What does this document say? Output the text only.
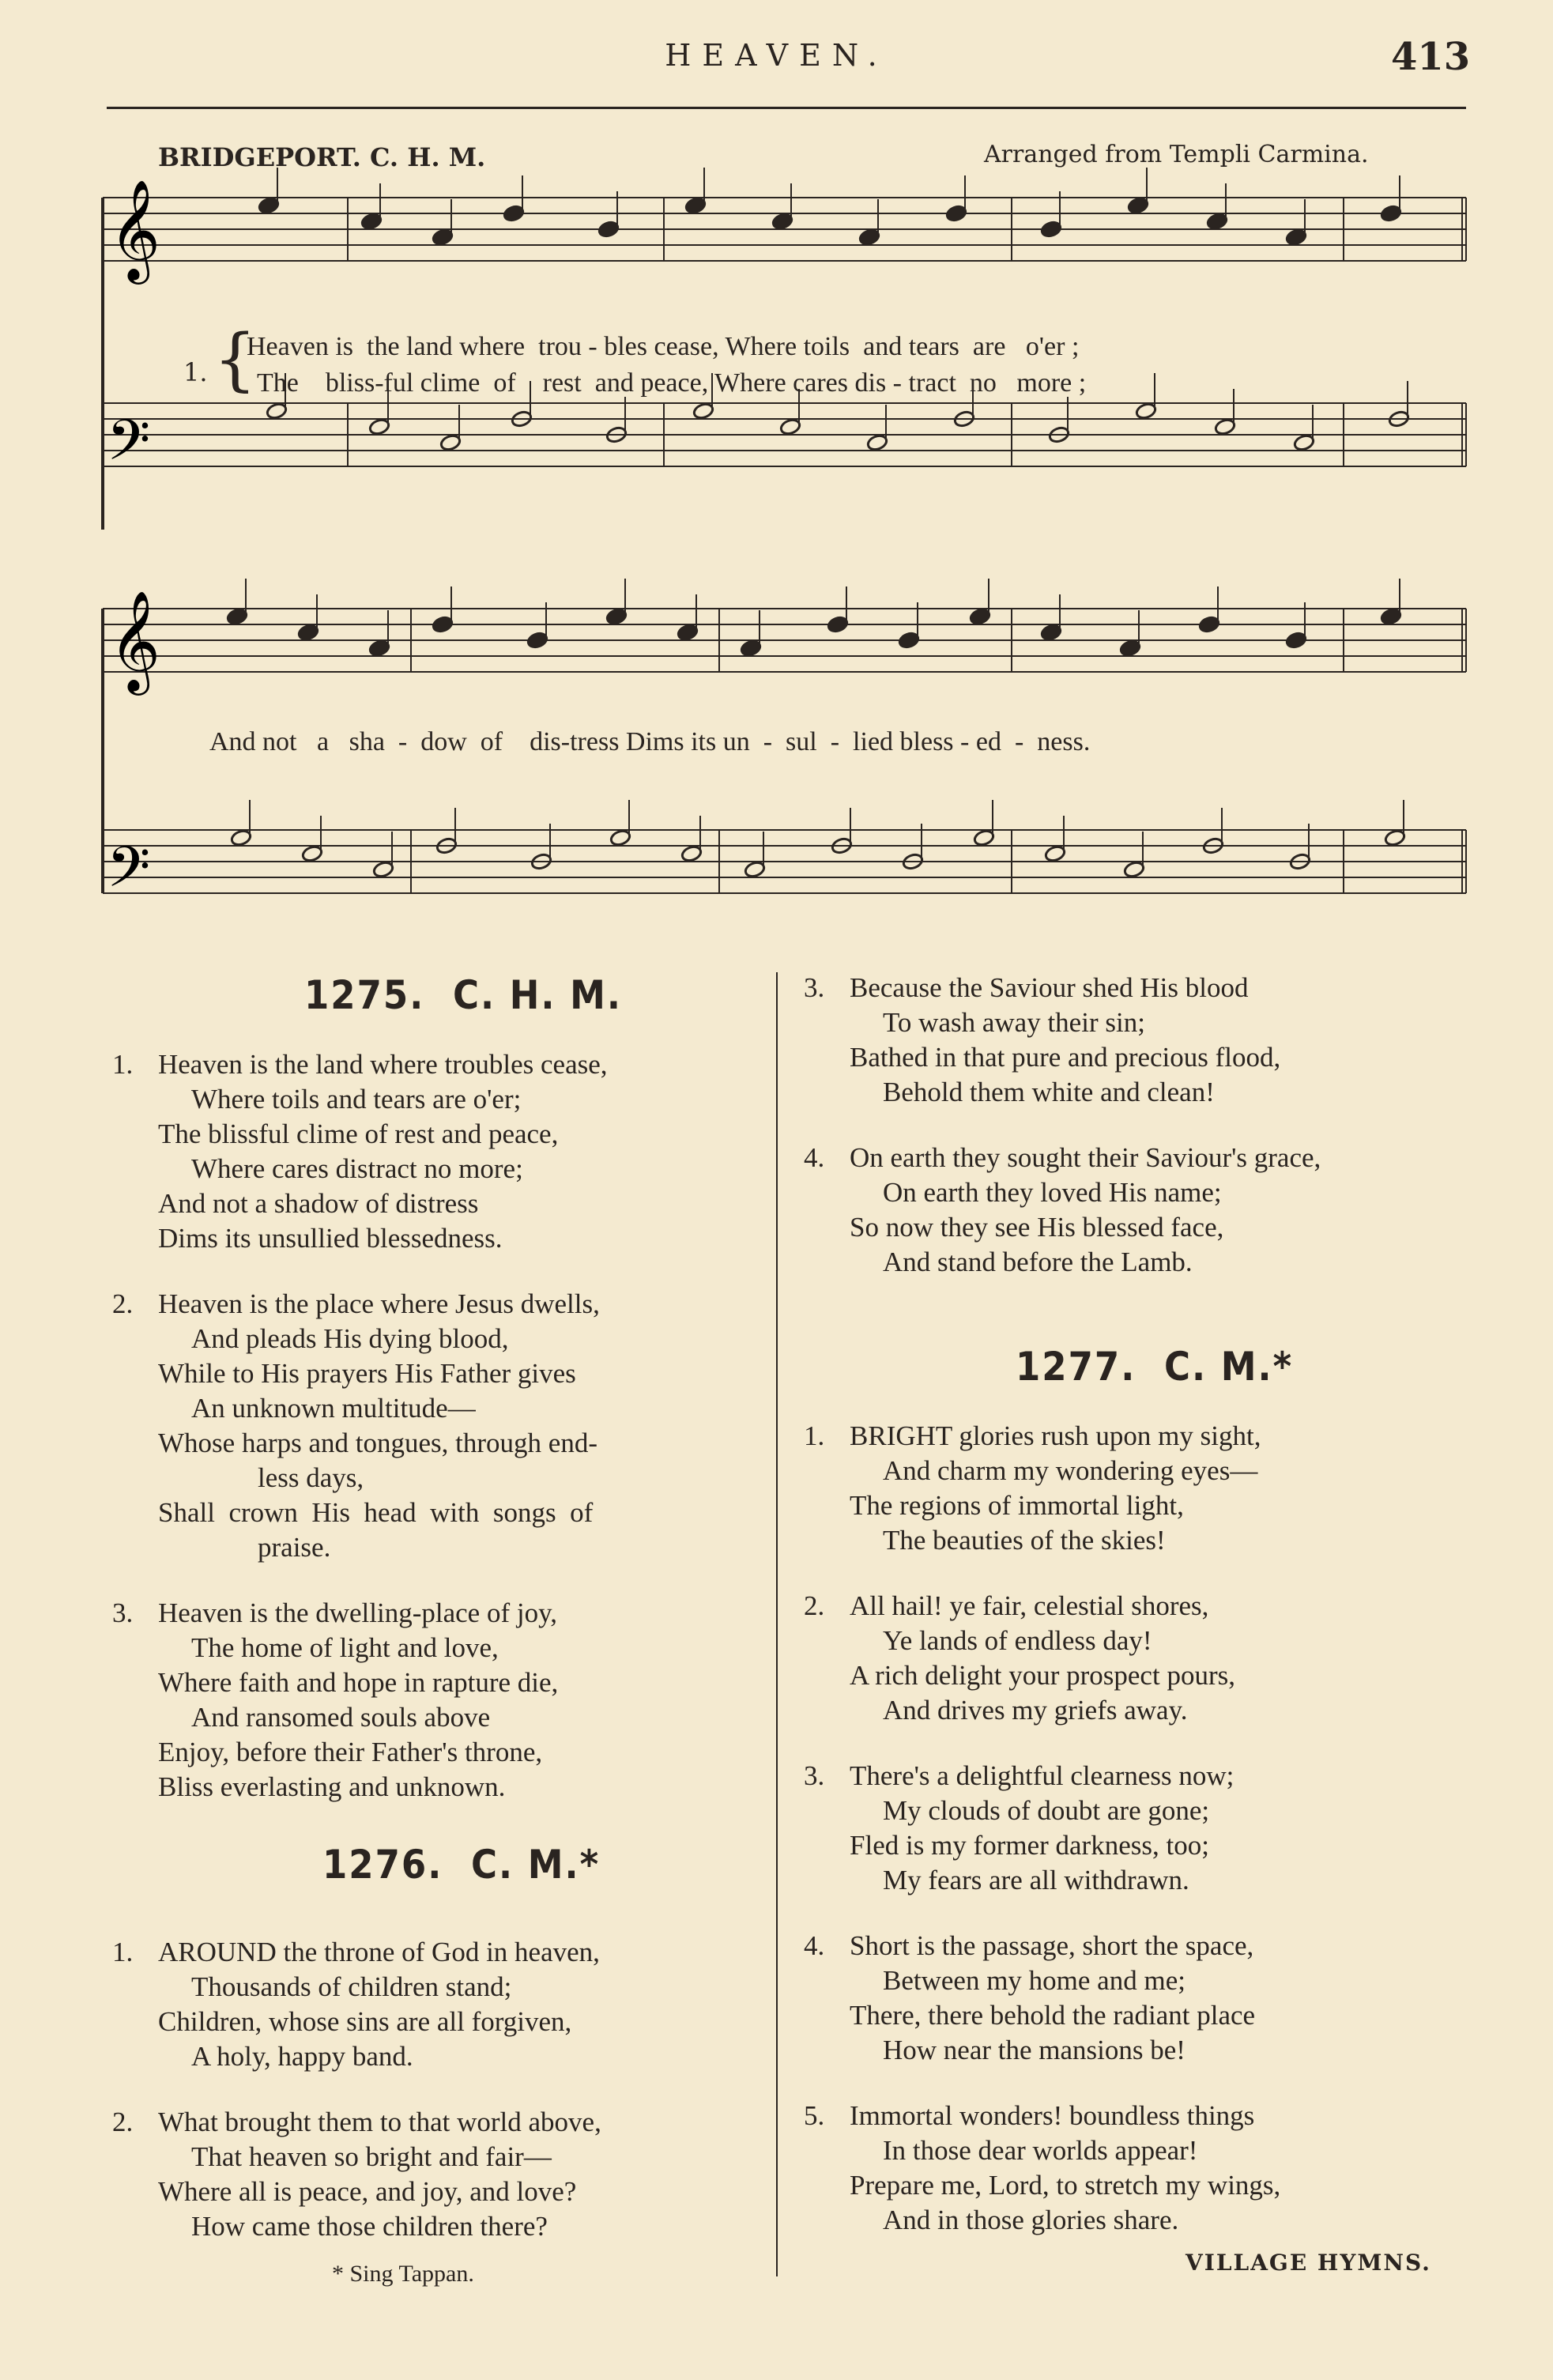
HEAVEN.	413
BRIDGEPORT. C. H. M.	Arranged from Templi Carmina.
𝄞
𝄢
𝄞
𝄢
1. {
Heaven is  the land where  trou - bles cease, Where toils  and tears  are   o'er ;
The    bliss-ful clime  of    rest  and peace, Where cares dis - tract  no   more ;
And not   a   sha  -  dow  of    dis-tress Dims its un  -  sul  -  lied bless - ed  -  ness.
1275. C. H. M.
1. Heaven is the land where troubles cease,
Where toils and tears are o'er;
The blissful clime of rest and peace,
Where cares distract no more;
And not a shadow of distress
Dims its unsullied blessedness.
2. Heaven is the place where Jesus dwells,
And pleads His dying blood,
While to His prayers His Father gives
An unknown multitude—
Whose harps and tongues, through end-
less days,
Shall  crown  His  head  with  songs  of
praise.
3. Heaven is the dwelling-place of joy,
The home of light and love,
Where faith and hope in rapture die,
And ransomed souls above
Enjoy, before their Father's throne,
Bliss everlasting and unknown.
1276. C. M.*
1. AROUND the throne of God in heaven,
Thousands of children stand;
Children, whose sins are all forgiven,
A holy, happy band.
2. What brought them to that world above,
That heaven so bright and fair—
Where all is peace, and joy, and love?
How came those children there?
3. Because the Saviour shed His blood
To wash away their sin;
Bathed in that pure and precious flood,
Behold them white and clean!
4. On earth they sought their Saviour's grace,
On earth they loved His name;
So now they see His blessed face,
And stand before the Lamb.
1277. C. M.*
1. BRIGHT glories rush upon my sight,
And charm my wondering eyes—
The regions of immortal light,
The beauties of the skies!
2. All hail! ye fair, celestial shores,
Ye lands of endless day!
A rich delight your prospect pours,
And drives my griefs away.
3. There's a delightful clearness now;
My clouds of doubt are gone;
Fled is my former darkness, too;
My fears are all withdrawn.
4. Short is the passage, short the space,
Between my home and me;
There, there behold the radiant place
How near the mansions be!
5. Immortal wonders! boundless things
In those dear worlds appear!
Prepare me, Lord, to stretch my wings,
And in those glories share.
* Sing Tappan.	VILLAGE HYMNS.
